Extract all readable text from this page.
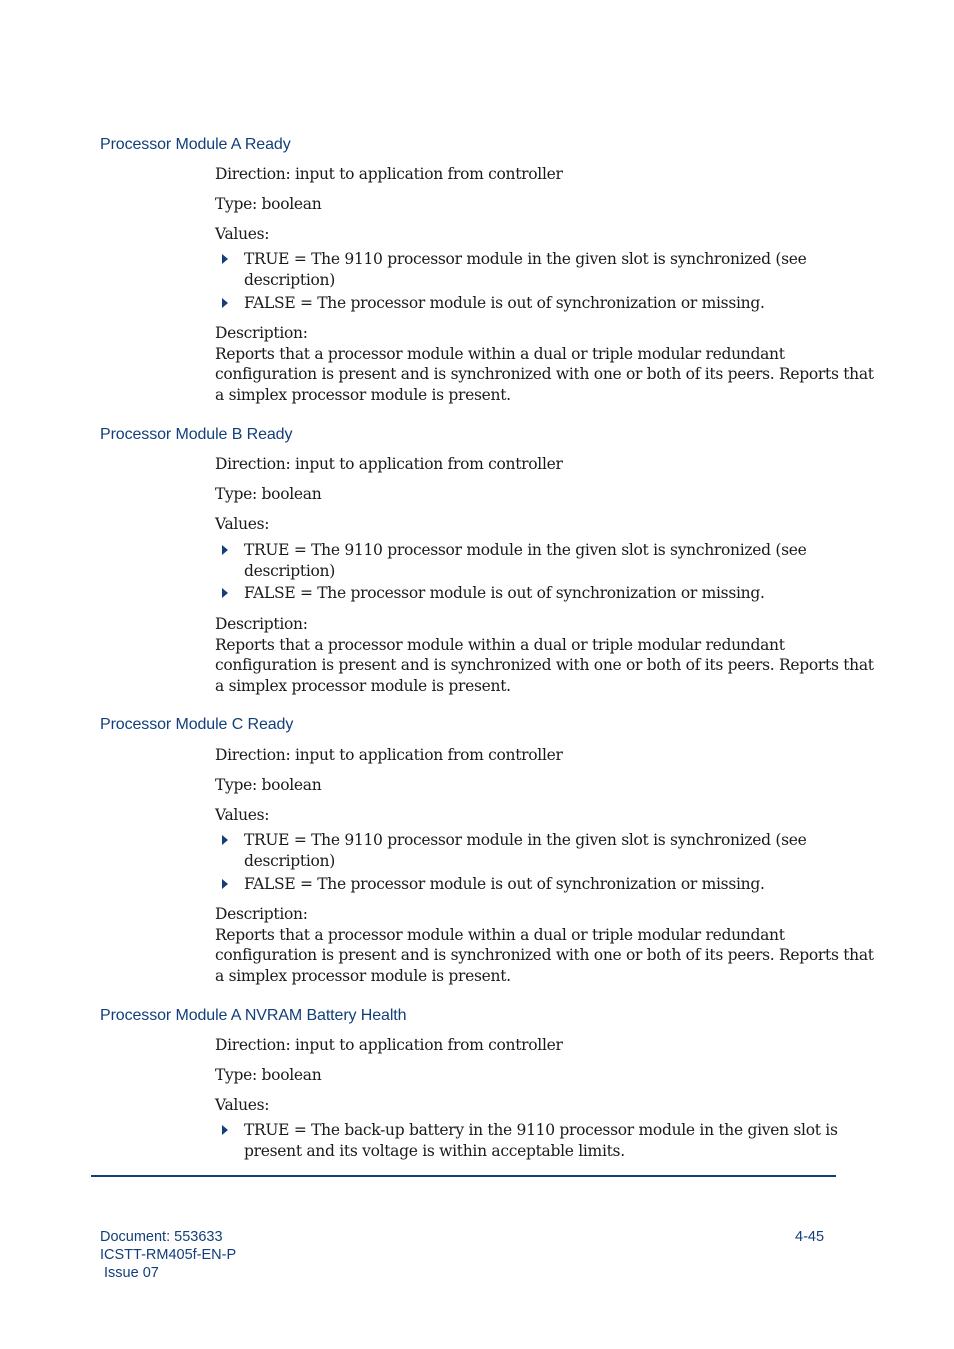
Processor Module A Ready
Direction: input to application from controller
Type: boolean
Values:
TRUE = The 9110 processor module in the given slot is synchronized (see
description)
FALSE = The processor module is out of synchronization or missing.
Description:
Reports that a processor module within a dual or triple modular redundant
configuration is present and is synchronized with one or both of its peers. Reports that
a simplex processor module is present.
Processor Module B Ready
Direction: input to application from controller
Type: boolean
Values:
TRUE = The 9110 processor module in the given slot is synchronized (see
description)
FALSE = The processor module is out of synchronization or missing.
Description:
Reports that a processor module within a dual or triple modular redundant
configuration is present and is synchronized with one or both of its peers. Reports that
a simplex processor module is present.
Processor Module C Ready
Direction: input to application from controller
Type: boolean
Values:
TRUE = The 9110 processor module in the given slot is synchronized (see
description)
FALSE = The processor module is out of synchronization or missing.
Description:
Reports that a processor module within a dual or triple modular redundant
configuration is present and is synchronized with one or both of its peers. Reports that
a simplex processor module is present.
Processor Module A NVRAM Battery Health
Direction: input to application from controller
Type: boolean
Values:
TRUE = The back-up battery in the 9110 processor module in the given slot is
present and its voltage is within acceptable limits.
Document: 553633
ICSTT-RM405f-EN-P
Issue 07
4-45
